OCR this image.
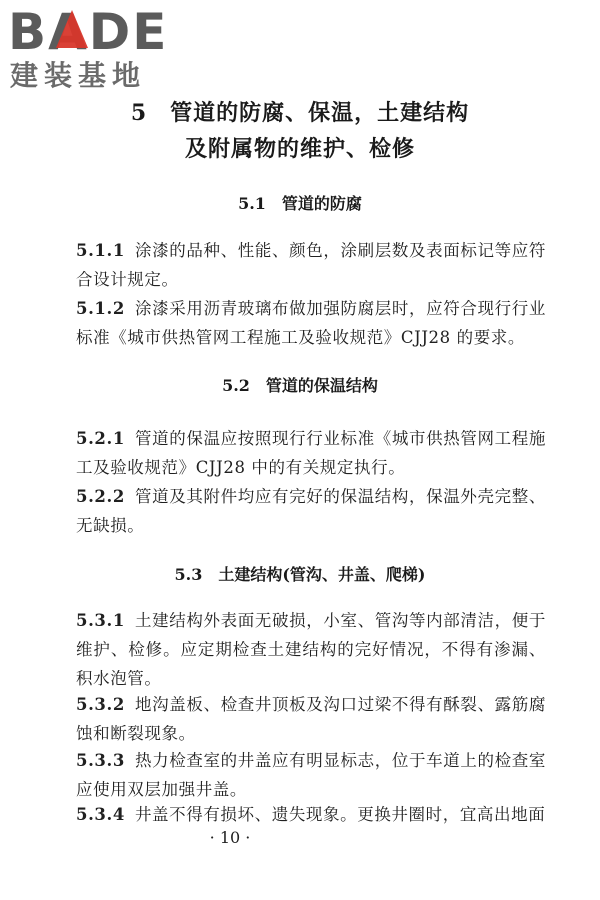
BADE
建装基地
5　管道的防腐、保温，土建结构
及附属物的维护、检修
5.1　管道的防腐
5.1.1 涂漆的品种、性能、颜色，涂刷层数及表面标记等应符合设计规定。
5.1.2 涂漆采用沥青玻璃布做加强防腐层时，应符合现行行业标准《城市供热管网工程施工及验收规范》CJJ28 的要求。
5.2　管道的保温结构
5.2.1 管道的保温应按照现行行业标准《城市供热管网工程施工及验收规范》CJJ28 中的有关规定执行。
5.2.2 管道及其附件均应有完好的保温结构，保温外壳完整、无缺损。
5.3　土建结构(管沟、井盖、爬梯)
5.3.1 土建结构外表面无破损，小室、管沟等内部清洁，便于维护、检修。应定期检查土建结构的完好情况，不得有渗漏、积水泡管。
5.3.2 地沟盖板、检查井顶板及沟口过梁不得有酥裂、露筋腐蚀和断裂现象。
5.3.3 热力检查室的井盖应有明显标志，位于车道上的检查室应使用双层加强井盖。
5.3.4 井盖不得有损坏、遗失现象。更换井圈时，宜高出地面
· 10 ·
